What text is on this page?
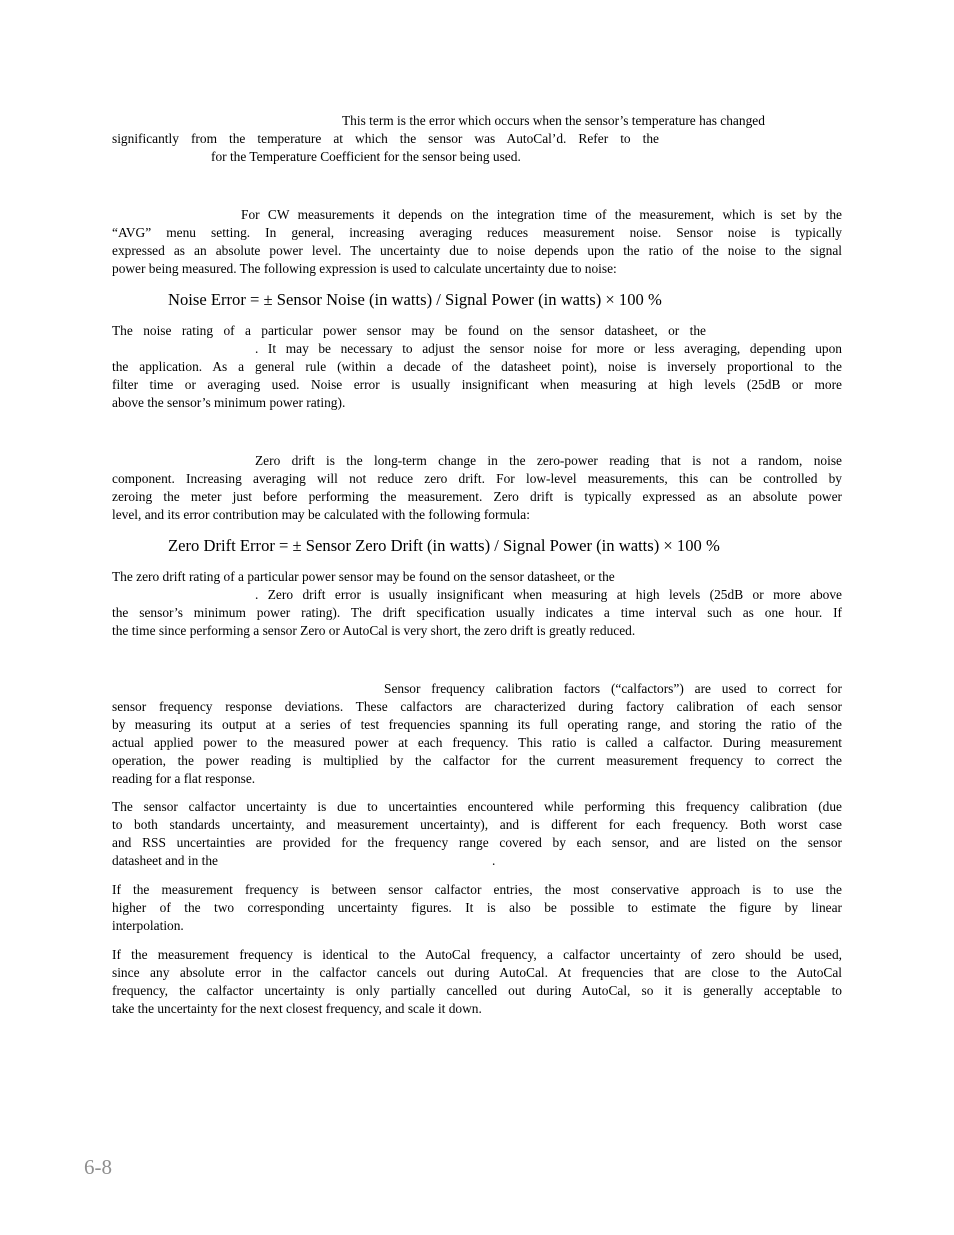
This term is the error which occurs when the sensor’s temperature has changed
significantly from the temperature at which the sensor was AutoCal’d. Refer to the
for the Temperature Coefficient for the sensor being used.
For CW measurements it depends on the integration time of the measurement, which is set by the
“AVG” menu setting. In general, increasing averaging reduces measurement noise. Sensor noise is typically
expressed as an absolute power level. The uncertainty due to noise depends upon the ratio of the noise to the signal
power being measured. The following expression is used to calculate uncertainty due to noise:

Noise Error = ± Sensor Noise (in watts) / Signal Power (in watts) × 100 %

The noise rating of a particular power sensor may be found on the sensor datasheet, or the
. It may be necessary to adjust the sensor noise for more or less averaging, depending upon
the application. As a general rule (within a decade of the datasheet point), noise is inversely proportional to the
filter time or averaging used. Noise error is usually insignificant when measuring at high levels (25dB or more
above the sensor’s minimum power rating).
Zero drift is the long-term change in the zero-power reading that is not a random, noise
component. Increasing averaging will not reduce zero drift. For low-level measurements, this can be controlled by
zeroing the meter just before performing the measurement. Zero drift is typically expressed as an absolute power
level, and its error contribution may be calculated with the following formula:

Zero Drift Error = ± Sensor Zero Drift (in watts) / Signal Power (in watts) × 100 %

The zero drift rating of a particular power sensor may be found on the sensor datasheet, or the
. Zero drift error is usually insignificant when measuring at high levels (25dB or more above
the sensor’s minimum power rating). The drift specification usually indicates a time interval such as one hour. If
the time since performing a sensor Zero or AutoCal is very short, the zero drift is greatly reduced.
Sensor frequency calibration factors (“calfactors”) are used to correct for
sensor frequency response deviations. These calfactors are characterized during factory calibration of each sensor
by measuring its output at a series of test frequencies spanning its full operating range, and storing the ratio of the
actual applied power to the measured power at each frequency. This ratio is called a calfactor. During measurement
operation, the power reading is multiplied by the calfactor for the current measurement frequency to correct the
reading for a flat response.
The sensor calfactor uncertainty is due to uncertainties encountered while performing this frequency calibration (due
to both standards uncertainty, and measurement uncertainty), and is different for each frequency. Both worst case
and RSS uncertainties are provided for the frequency range covered by each sensor, and are listed on the sensor
datasheet and in the	.
If the measurement frequency is between sensor calfactor entries, the most conservative approach is to use the
higher of the two corresponding uncertainty figures. It is also be possible to estimate the figure by linear
interpolation.
If the measurement frequency is identical to the AutoCal frequency, a calfactor uncertainty of zero should be used,
since any absolute error in the calfactor cancels out during AutoCal. At frequencies that are close to the AutoCal
frequency, the calfactor uncertainty is only partially cancelled out during AutoCal, so it is generally acceptable to
take the uncertainty for the next closest frequency, and scale it down.

6-8
